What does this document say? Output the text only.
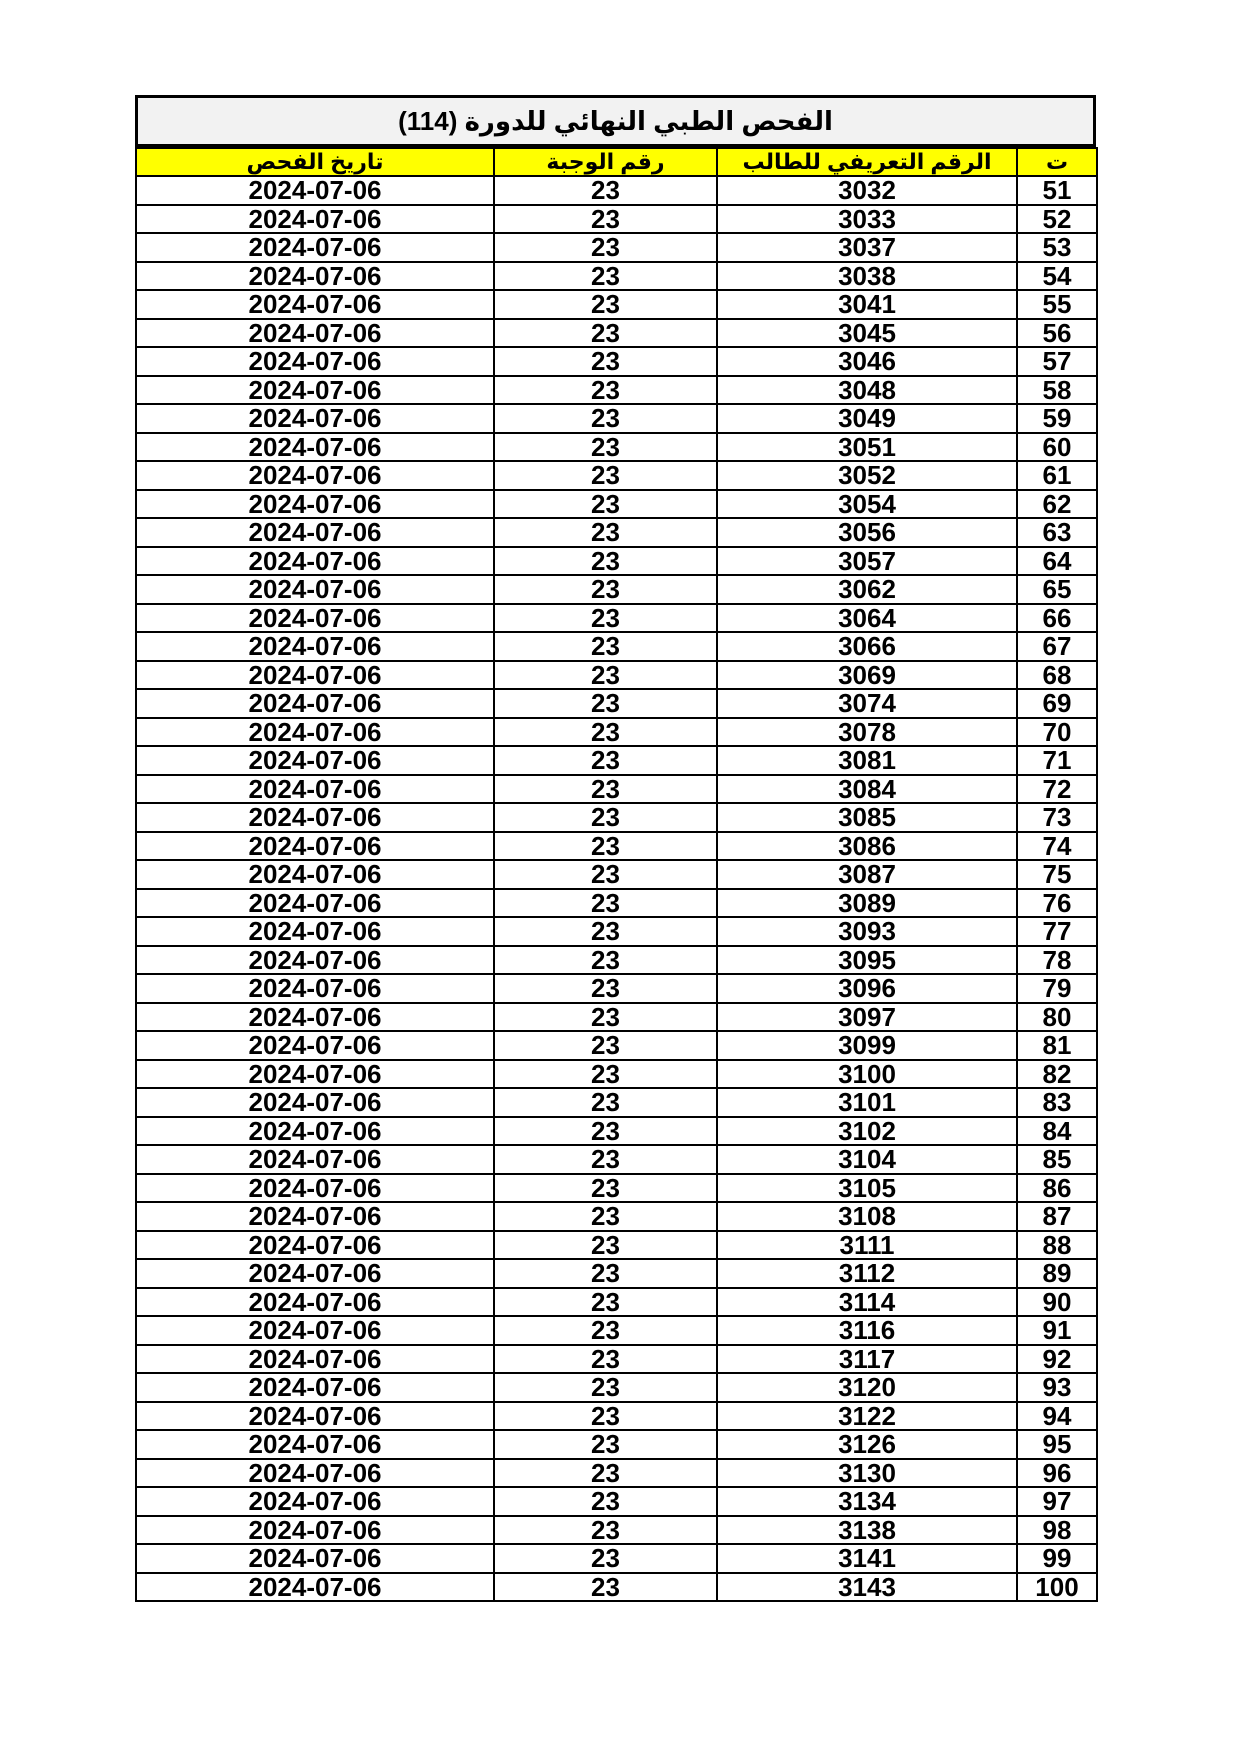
الفحص الطبي النهائي للدورة (114)
ت	الرقم التعريفي للطالب	رقم الوجبة	تاريخ الفحص
51	3032	23	2024-07-06
52	3033	23	2024-07-06
53	3037	23	2024-07-06
54	3038	23	2024-07-06
55	3041	23	2024-07-06
56	3045	23	2024-07-06
57	3046	23	2024-07-06
58	3048	23	2024-07-06
59	3049	23	2024-07-06
60	3051	23	2024-07-06
61	3052	23	2024-07-06
62	3054	23	2024-07-06
63	3056	23	2024-07-06
64	3057	23	2024-07-06
65	3062	23	2024-07-06
66	3064	23	2024-07-06
67	3066	23	2024-07-06
68	3069	23	2024-07-06
69	3074	23	2024-07-06
70	3078	23	2024-07-06
71	3081	23	2024-07-06
72	3084	23	2024-07-06
73	3085	23	2024-07-06
74	3086	23	2024-07-06
75	3087	23	2024-07-06
76	3089	23	2024-07-06
77	3093	23	2024-07-06
78	3095	23	2024-07-06
79	3096	23	2024-07-06
80	3097	23	2024-07-06
81	3099	23	2024-07-06
82	3100	23	2024-07-06
83	3101	23	2024-07-06
84	3102	23	2024-07-06
85	3104	23	2024-07-06
86	3105	23	2024-07-06
87	3108	23	2024-07-06
88	3111	23	2024-07-06
89	3112	23	2024-07-06
90	3114	23	2024-07-06
91	3116	23	2024-07-06
92	3117	23	2024-07-06
93	3120	23	2024-07-06
94	3122	23	2024-07-06
95	3126	23	2024-07-06
96	3130	23	2024-07-06
97	3134	23	2024-07-06
98	3138	23	2024-07-06
99	3141	23	2024-07-06
100	3143	23	2024-07-06
